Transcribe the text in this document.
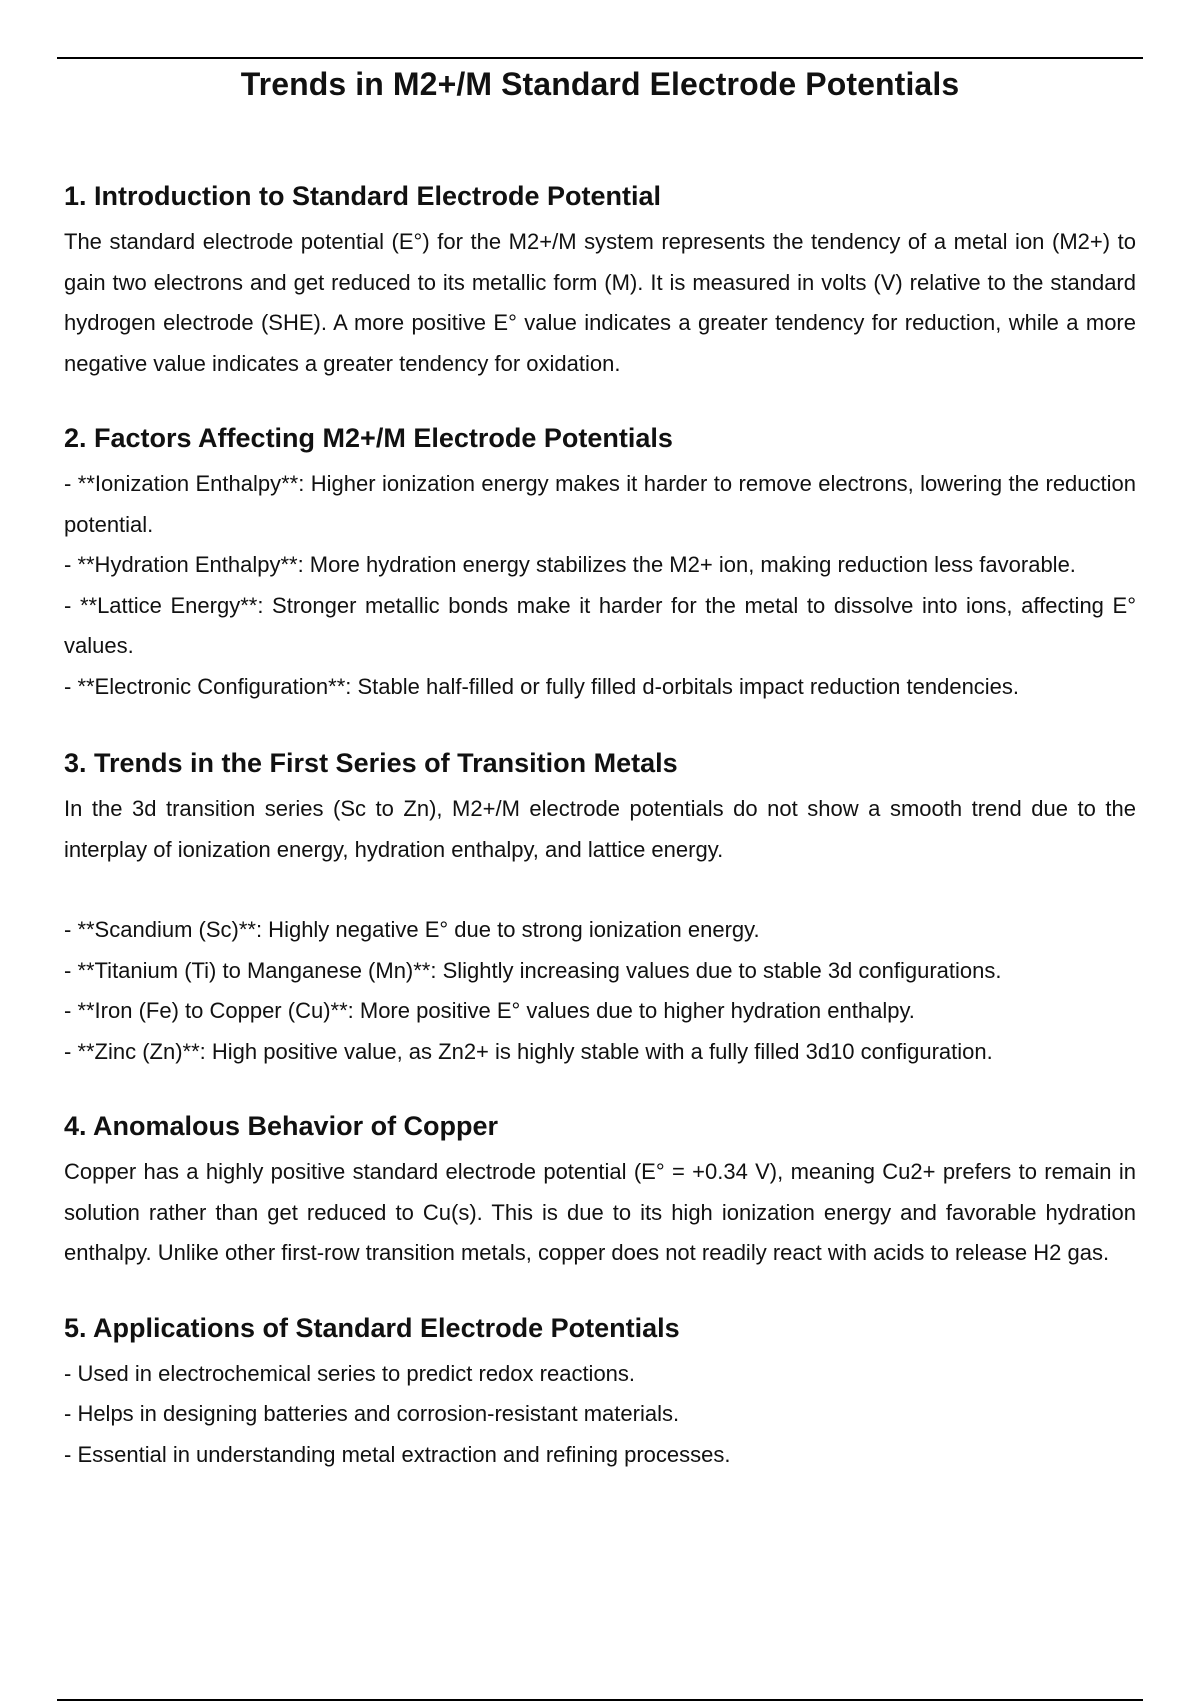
Trends in M2+/M Standard Electrode Potentials
1. Introduction to Standard Electrode Potential

The standard electrode potential (E°) for the M2+/M system represents the tendency of a metal ion (M2+) to gain two electrons and get reduced to its metallic form (M). It is measured in volts (V) relative to the standard hydrogen electrode (SHE). A more positive E° value indicates a greater tendency for reduction, while a more negative value indicates a greater tendency for oxidation.

2. Factors Affecting M2+/M Electrode Potentials

- **Ionization Enthalpy**: Higher ionization energy makes it harder to remove electrons, lowering the reduction potential.

- **Hydration Enthalpy**: More hydration energy stabilizes the M2+ ion, making reduction less favorable.

- **Lattice Energy**: Stronger metallic bonds make it harder for the metal to dissolve into ions, affecting E° values.

- **Electronic Configuration**: Stable half-filled or fully filled d-orbitals impact reduction tendencies.

3. Trends in the First Series of Transition Metals

In the 3d transition series (Sc to Zn), M2+/M electrode potentials do not show a smooth trend due to the interplay of ionization energy, hydration enthalpy, and lattice energy.

- **Scandium (Sc)**: Highly negative E° due to strong ionization energy.

- **Titanium (Ti) to Manganese (Mn)**: Slightly increasing values due to stable 3d configurations.

- **Iron (Fe) to Copper (Cu)**: More positive E° values due to higher hydration enthalpy.

- **Zinc (Zn)**: High positive value, as Zn2+ is highly stable with a fully filled 3d10 configuration.

4. Anomalous Behavior of Copper

Copper has a highly positive standard electrode potential (E° = +0.34 V), meaning Cu2+ prefers to remain in solution rather than get reduced to Cu(s). This is due to its high ionization energy and favorable hydration enthalpy. Unlike other first-row transition metals, copper does not readily react with acids to release H2 gas.

5. Applications of Standard Electrode Potentials

- Used in electrochemical series to predict redox reactions.

- Helps in designing batteries and corrosion-resistant materials.

- Essential in understanding metal extraction and refining processes.
